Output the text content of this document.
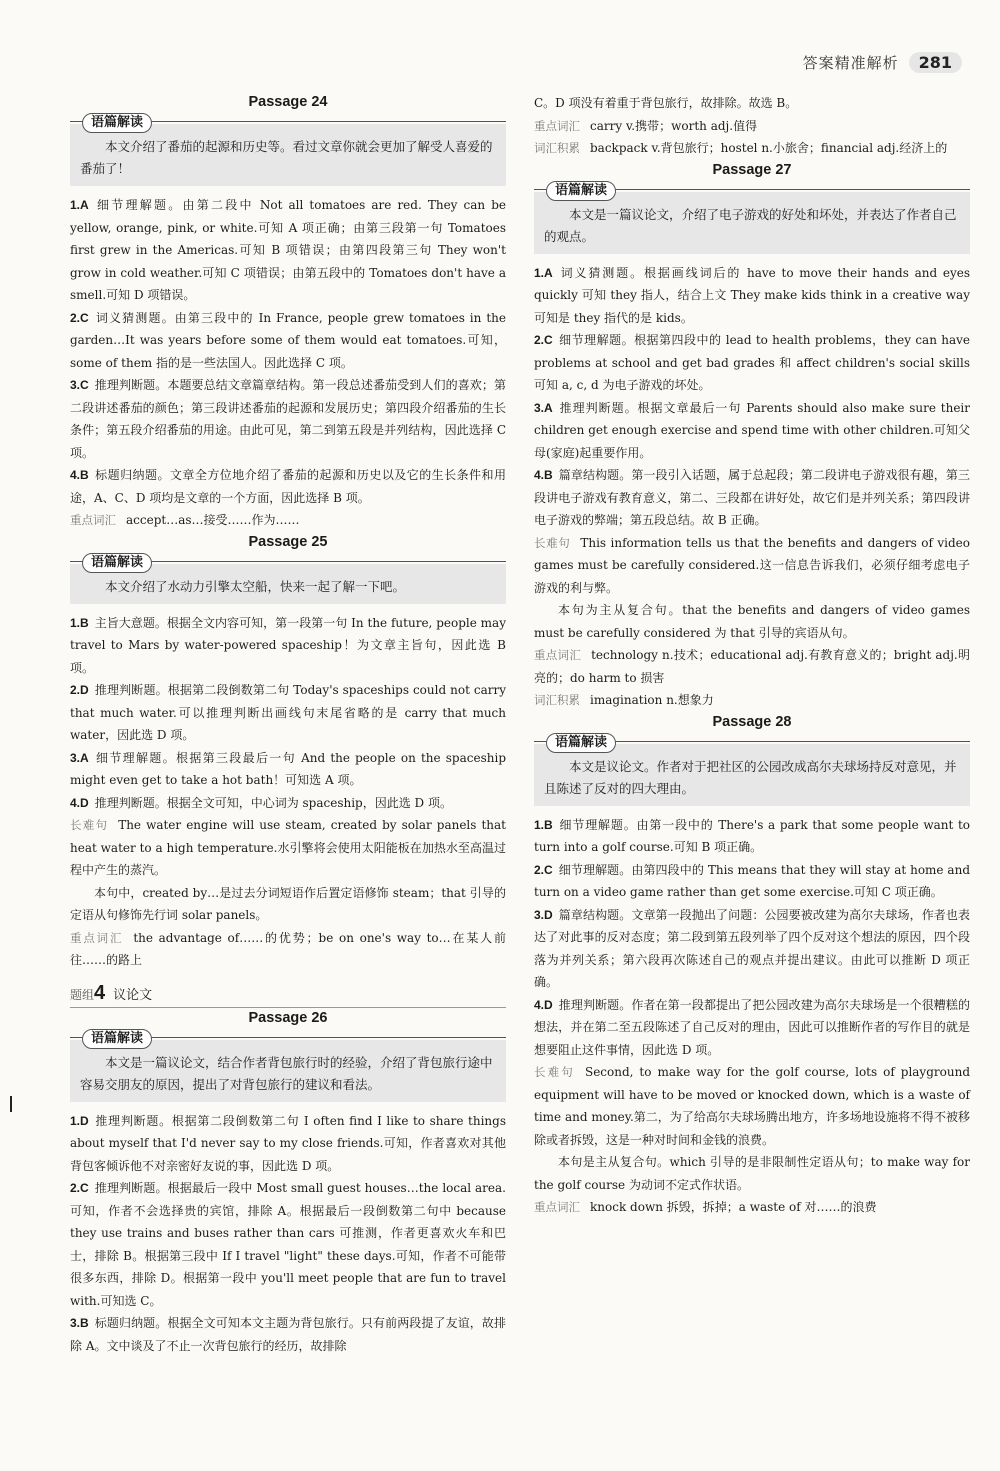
答案精准解析	281
Passage 24
语篇解读
本文介绍了番茄的起源和历史等。看过文章你就会更加了解受人喜爱的番茄了！

1.A 细节理解题。由第二段中 Not all tomatoes are red. They can be yellow, orange, pink, or white.可知 A 项正确；由第三段第一句 Tomatoes first grew in the Americas.可知 B 项错误；由第四段第三句 They won't grow in cold weather.可知 C 项错误；由第五段中的 Tomatoes don't have a smell.可知 D 项错误。

2.C 词义猜测题。由第三段中的 In France, people grew tomatoes in the garden…It was years before some of them would eat tomatoes.可知，some of them 指的是一些法国人。因此选择 C 项。

3.C 推理判断题。本题要总结文章篇章结构。第一段总述番茄受到人们的喜欢；第二段讲述番茄的颜色；第三段讲述番茄的起源和发展历史；第四段介绍番茄的生长条件；第五段介绍番茄的用途。由此可见，第二到第五段是并列结构，因此选择 C 项。

4.B 标题归纳题。文章全方位地介绍了番茄的起源和历史以及它的生长条件和用途，A、C、D 项均是文章的一个方面，因此选择 B 项。

重点词汇 accept…as…接受……作为……

Passage 25
语篇解读
本文介绍了水动力引擎太空船，快来一起了解一下吧。

1.B 主旨大意题。根据全文内容可知，第一段第一句 In the future, people may travel to Mars by water-powered spaceship！为文章主旨句，因此选 B 项。

2.D 推理判断题。根据第二段倒数第二句 Today's spaceships could not carry that much water.可以推理判断出画线句末尾省略的是 carry that much water，因此选 D 项。

3.A 细节理解题。根据第三段最后一句 And the people on the spaceship might even get to take a hot bath！可知选 A 项。

4.D 推理判断题。根据全文可知，中心词为 spaceship，因此选 D 项。

长难句 The water engine will use steam, created by solar panels that heat water to a high temperature.水引擎将会使用太阳能板在加热水至高温过程中产生的蒸汽。

本句中，created by…是过去分词短语作后置定语修饰 steam；that 引导的定语从句修饰先行词 solar panels。

重点词汇 the advantage of……的优势；be on one's way to…在某人前往……的路上

题组 4 议论文
Passage 26
语篇解读
本文是一篇议论文，结合作者背包旅行时的经验，介绍了背包旅行途中容易交朋友的原因，提出了对背包旅行的建议和看法。

1.D 推理判断题。根据第二段倒数第二句 I often find I like to share things about myself that I'd never say to my close friends.可知，作者喜欢对其他背包客倾诉他不对亲密好友说的事，因此选 D 项。

2.C 推理判断题。根据最后一段中 Most small guest houses…the local area.可知，作者不会选择贵的宾馆，排除 A。根据最后一段倒数第二句中 because they use trains and buses rather than cars 可推测，作者更喜欢火车和巴士，排除 B。根据第三段中 If I travel "light" these days.可知，作者不可能带很多东西，排除 D。根据第一段中 you'll meet people that are fun to travel with.可知选 C。

3.B 标题归纳题。根据全文可知本文主题为背包旅行。只有前两段提了友谊，故排除 A。文中谈及了不止一次背包旅行的经历，故排除

C。D 项没有着重于背包旅行，故排除。故选 B。

重点词汇 carry v.携带；worth adj.值得

词汇积累 backpack v.背包旅行；hostel n.小旅舍；financial adj.经济上的

Passage 27
语篇解读
本文是一篇议论文，介绍了电子游戏的好处和坏处，并表达了作者自己的观点。

1.A 词义猜测题。根据画线词后的 have to move their hands and eyes quickly 可知 they 指人，结合上文 They make kids think in a creative way 可知是 they 指代的是 kids。

2.C 细节理解题。根据第四段中的 lead to health problems，they can have problems at school and get bad grades 和 affect children's social skills 可知 a, c, d 为电子游戏的坏处。

3.A 推理判断题。根据文章最后一句 Parents should also make sure their children get enough exercise and spend time with other children.可知父母(家庭)起重要作用。

4.B 篇章结构题。第一段引入话题，属于总起段；第二段讲电子游戏很有趣，第三段讲电子游戏有教育意义，第二、三段都在讲好处，故它们是并列关系；第四段讲电子游戏的弊端；第五段总结。故 B 正确。

长难句 This information tells us that the benefits and dangers of video games must be carefully considered.这一信息告诉我们，必须仔细考虑电子游戏的利与弊。

本句为主从复合句。that the benefits and dangers of video games must be carefully considered 为 that 引导的宾语从句。

重点词汇 technology n.技术；educational adj.有教育意义的；bright adj.明亮的；do harm to 损害

词汇积累 imagination n.想象力

Passage 28
语篇解读
本文是议论文。作者对于把社区的公园改成高尔夫球场持反对意见，并且陈述了反对的四大理由。

1.B 细节理解题。由第一段中的 There's a park that some people want to turn into a golf course.可知 B 项正确。

2.C 细节理解题。由第四段中的 This means that they will stay at home and turn on a video game rather than get some exercise.可知 C 项正确。

3.D 篇章结构题。文章第一段抛出了问题：公园要被改建为高尔夫球场，作者也表达了对此事的反对态度；第二段到第五段列举了四个反对这个想法的原因，四个段落为并列关系；第六段再次陈述自己的观点并提出建议。由此可以推断 D 项正确。

4.D 推理判断题。作者在第一段都提出了把公园改建为高尔夫球场是一个很糟糕的想法，并在第二至五段陈述了自己反对的理由，因此可以推断作者的写作目的就是想要阻止这件事情，因此选 D 项。

长难句 Second, to make way for the golf course, lots of playground equipment will have to be moved or knocked down, which is a waste of time and money.第二，为了给高尔夫球场腾出地方，许多场地设施将不得不被移除或者拆毁，这是一种对时间和金钱的浪费。

本句是主从复合句。which 引导的是非限制性定语从句；to make way for the golf course 为动词不定式作状语。

重点词汇 knock down 拆毁，拆掉；a waste of 对……的浪费
